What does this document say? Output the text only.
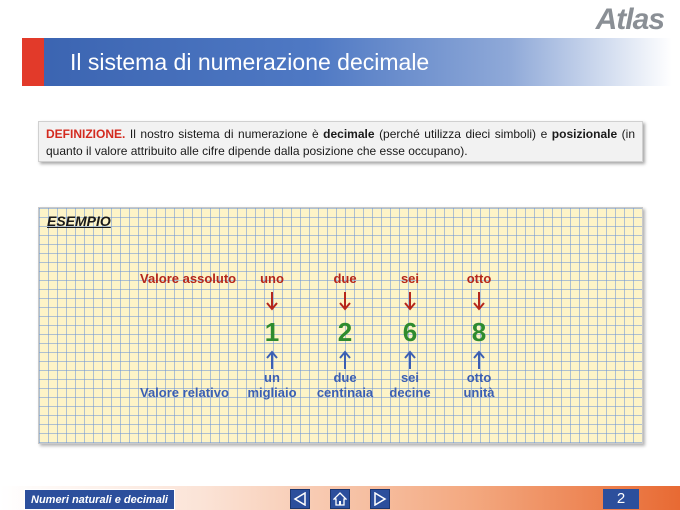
Atlas
Il sistema di numerazione decimale
DEFINIZIONE. Il nostro sistema di numerazione è decimale (perché utilizza dieci simboli) e posizionale (in quanto il valore attribuito alle cifre dipende dalla posizione che esse occupano).
ESEMPIO
Valore assoluto
Valore relativo
uno
1
un
migliaio
due
2
due
centinaia
sei
6
sei
decine
otto
8
otto
unità
Numeri naturali e decimali	2
